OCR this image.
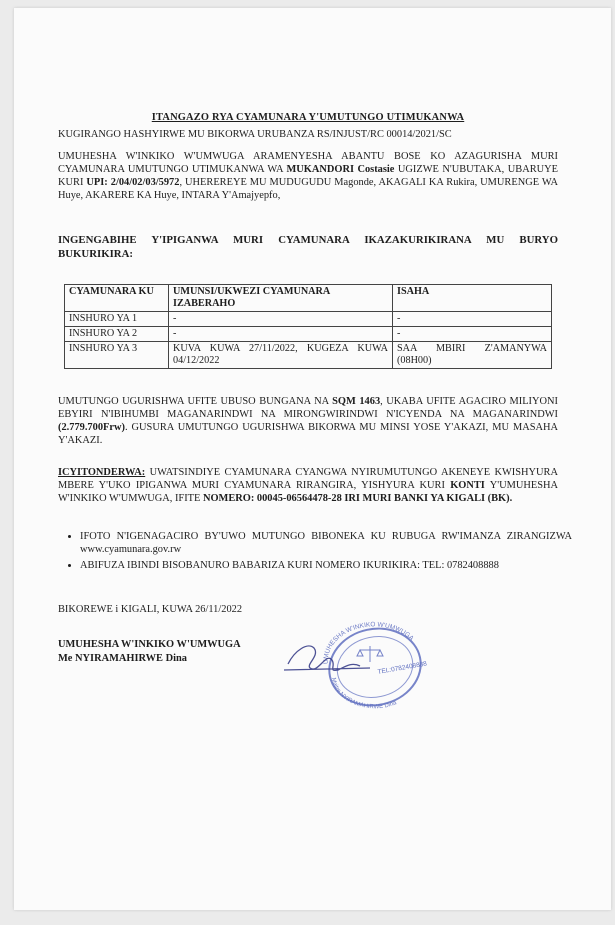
ITANGAZO RYA CYAMUNARA Y'UMUTUNGO UTIMUKANWA
KUGIRANGO HASHYIRWE MU BIKORWA URUBANZA RS/INJUST/RC 00014/2021/SC
UMUHESHA W'INKIKO W'UMWUGA ARAMENYESHA ABANTU BOSE KO AZAGURISHA MURI CYAMUNARA UMUTUNGO UTIMUKANWA WA MUKANDORI Costasie UGIZWE N'UBUTAKA, UBARUYE KURI UPI: 2/04/02/03/5972, UHEREREYE MU MUDUGUDU Magonde, AKAGALI KA Rukira, UMURENGE WA Huye, AKARERE KA Huye, INTARA Y'Amajyepfo,
INGENGABIHE Y'IPIGANWA MURI CYAMUNARA IKAZAKURIKIRANA MU BURYO BUKURIKIRA:
CYAMUNARA KU	UMUNSI/UKWEZI CYAMUNARA IZABERAHO	ISAHA
INSHURO YA 1	-	-
INSHURO YA 2	-	-
INSHURO YA 3	KUVA KUWA 27/11/2022, KUGEZA KUWA 04/12/2022	SAA MBIRI Z'AMANYWA (08H00)
UMUTUNGO UGURISHWA UFITE UBUSO BUNGANA NA SQM 1463, UKABA UFITE AGACIRO MILIYONI EBYIRI N'IBIHUMBI MAGANARINDWI NA MIRONGWIRINDWI N'ICYENDA NA MAGANARINDWI (2.779.700Frw). GUSURA UMUTUNGO UGURISHWA BIKORWA MU MINSI YOSE Y'AKAZI, MU MASAHA Y'AKAZI.
ICYITONDERWA: UWATSINDIYE CYAMUNARA CYANGWA NYIRUMUTUNGO AKENEYE KWISHYURA MBERE Y'UKO IPIGANWA MURI CYAMUNARA RIRANGIRA, YISHYURA KURI KONTI Y'UMUHESHA W'INKIKO W'UMWUGA, IFITE NOMERO: 00045-06564478-28 IRI MURI BANKI YA KIGALI (BK).
• IFOTO N'IGENAGACIRO BY'UWO MUTUNGO BIBONEKA KU RUBUGA RW'IMANZA ZIRANGIZWA www.cyamunara.gov.rw
• ABIFUZA IBINDI BISOBANURO BABARIZA KURI NOMERO IKURIKIRA: TEL: 0782408888
BIKOREWE i KIGALI, KUWA 26/11/2022
UMUHESHA W'INKIKO W'UMWUGA
Me NYIRAMAHIRWE Dina	UMUHESHA W'INKIKO W'UMWUGA
Maitre NYIRAMAHIRWE Dina
TEL:0782408888
